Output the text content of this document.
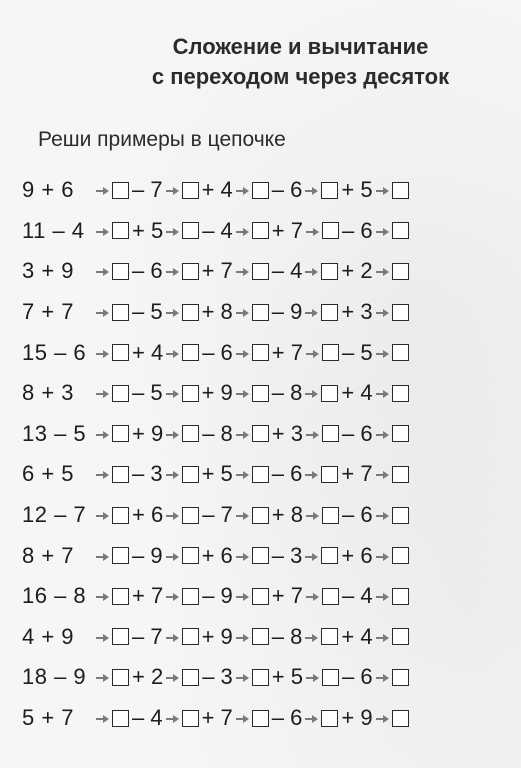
Сложение и вычитание
с переходом через десяток
Реши примеры в цепочке
9 + 6	– 7 + 4 – 6 + 5
11 – 4	+ 5 – 4 + 7 – 6
3 + 9	– 6 + 7 – 4 + 2
7 + 7	– 5 + 8 – 9 + 3
15 – 6	+ 4 – 6 + 7 – 5
8 + 3	– 5 + 9 – 8 + 4
13 – 5	+ 9 – 8 + 3 – 6
6 + 5	– 3 + 5 – 6 + 7
12 – 7	+ 6 – 7 + 8 – 6
8 + 7	– 9 + 6 – 3 + 6
16 – 8	+ 7 – 9 + 7 – 4
4 + 9	– 7 + 9 – 8 + 4
18 – 9	+ 2 – 3 + 5 – 6
5 + 7	– 4 + 7 – 6 + 9
